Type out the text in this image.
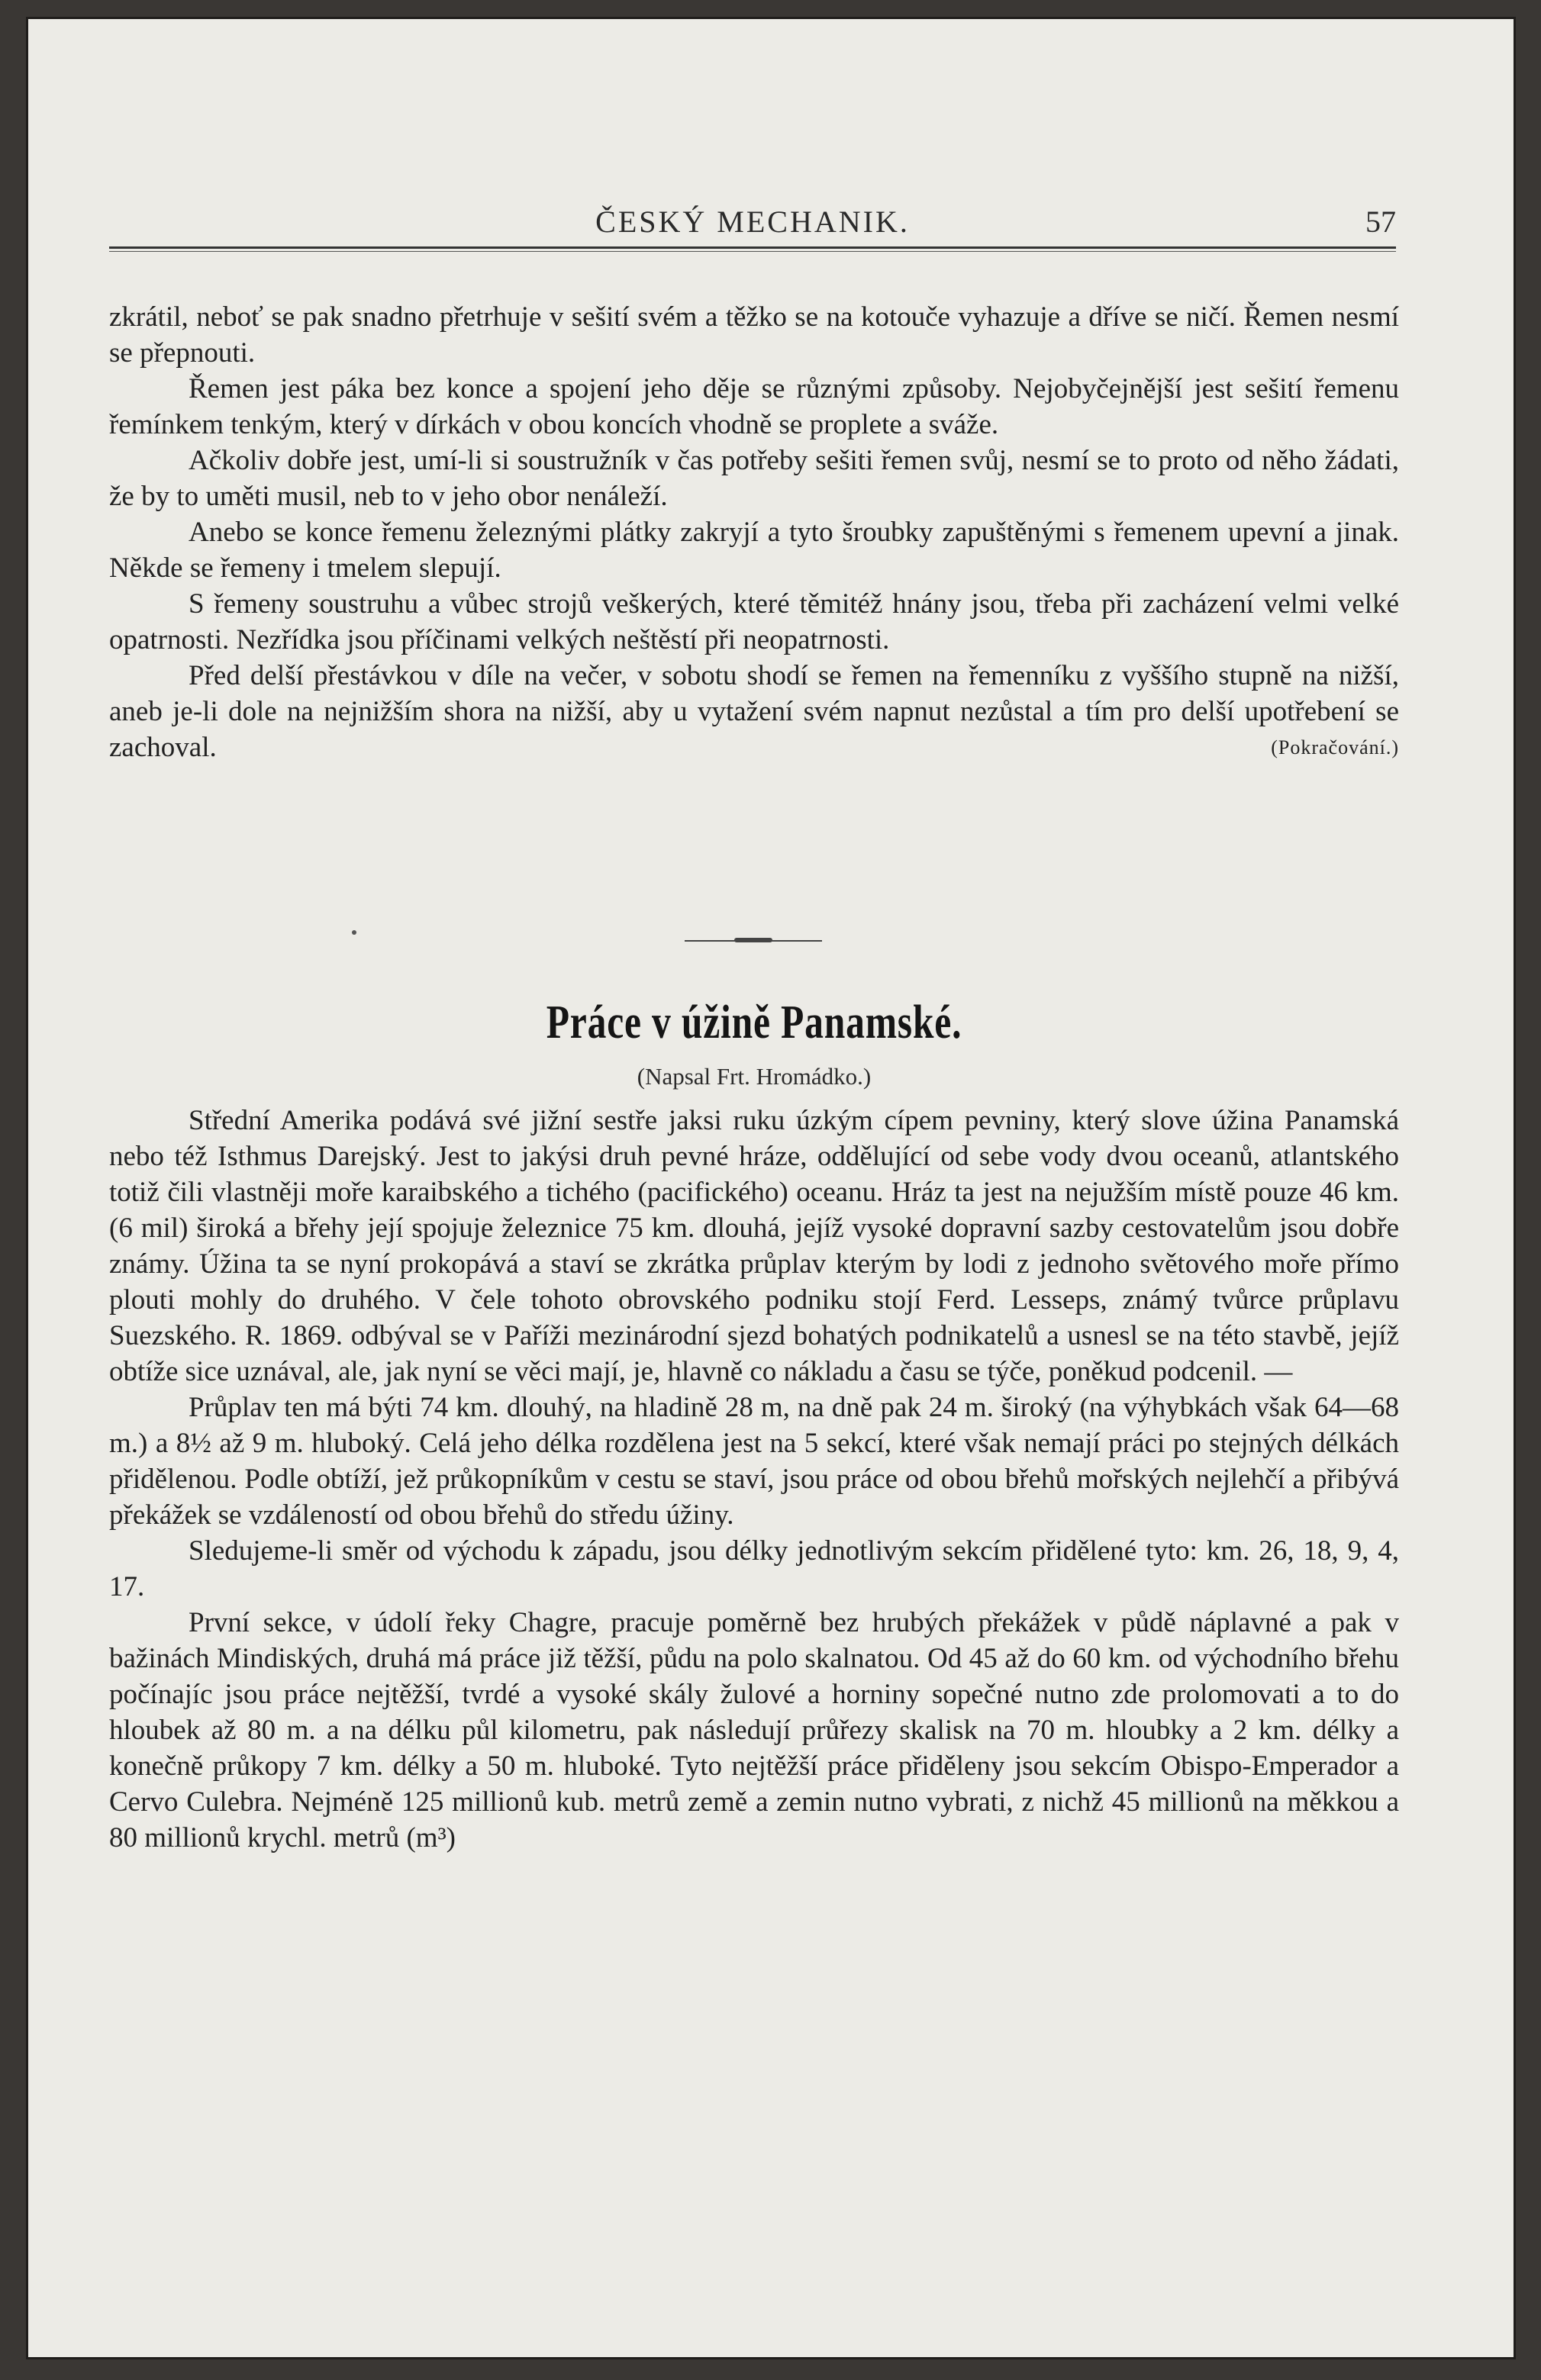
ČESKÝ MECHANIK.	57

zkrátil, neboť se pak snadno přetrhuje v sešití svém a těžko se na kotouče vyhazuje a dříve se ničí. Řemen nesmí se přepnouti.

Řemen jest páka bez konce a spojení jeho děje se různými způsoby. Nejobyčejnější jest sešití řemenu řemínkem tenkým, který v dírkách v obou koncích vhodně se proplete a sváže.

Ačkoliv dobře jest, umí-li si soustružník v čas potřeby sešiti řemen svůj, nesmí se to proto od něho žádati, že by to uměti musil, neb to v jeho obor nenáleží.

Anebo se konce řemenu železnými plátky zakryjí a tyto šroubky zapuštěnými s řemenem upevní a jinak. Někde se řemeny i tmelem slepují.

S řemeny soustruhu a vůbec strojů veškerých, které těmitéž hnány jsou, třeba při zacházení velmi velké opatrnosti. Nezřídka jsou příčinami velkých neštěstí při neopatrnosti.

Před delší přestávkou v díle na večer, v sobotu shodí se řemen na řemenníku z vyššího stupně na nižší, aneb je-li dole na nejnižším shora na nižší, aby u vytažení svém napnut nezůstal a tím pro delší upotřebení se zachoval.	(Pokračování.)

Práce v úžině Panamské.
(Napsal Frt. Hromádko.)

Střední Amerika podává své jižní sestře jaksi ruku úzkým cípem pevniny, který slove úžina Panamská nebo též Isthmus Darejský. Jest to jakýsi druh pevné hráze, oddělující od sebe vody dvou oceanů, atlantského totiž čili vlastněji moře karaibského a tichého (pacifického) oceanu. Hráz ta jest na nejužším místě pouze 46 km. (6 mil) široká a břehy její spojuje železnice 75 km. dlouhá, jejíž vysoké dopravní sazby cestovatelům jsou dobře známy. Úžina ta se nyní prokopává a staví se zkrátka průplav kterým by lodi z jednoho světového moře přímo plouti mohly do druhého. V čele tohoto obrovského podniku stojí Ferd. Lesseps, známý tvůrce průplavu Suezského. R. 1869. odbýval se v Paříži mezinárodní sjezd bohatých podnikatelů a usnesl se na této stavbě, jejíž obtíže sice uznával, ale, jak nyní se věci mají, je, hlavně co nákladu a času se týče, poněkud podcenil. —

Průplav ten má býti 74 km. dlouhý, na hladině 28 m, na dně pak 24 m. široký (na výhybkách však 64—68 m.) a 8½ až 9 m. hluboký. Celá jeho délka rozdělena jest na 5 sekcí, které však nemají práci po stejných délkách přidělenou. Podle obtíží, jež průkopníkům v cestu se staví, jsou práce od obou břehů mořských nejlehčí a přibývá překážek se vzdáleností od obou břehů do středu úžiny.

Sledujeme-li směr od východu k západu, jsou délky jednotlivým sekcím přidělené tyto: km. 26, 18, 9, 4, 17.

První sekce, v údolí řeky Chagre, pracuje poměrně bez hrubých překážek v půdě náplavné a pak v bažinách Mindiských, druhá má práce již těžší, půdu na polo skalnatou. Od 45 až do 60 km. od východního břehu počínajíc jsou práce nejtěžší, tvrdé a vysoké skály žulové a horniny sopečné nutno zde prolomovati a to do hloubek až 80 m. a na délku půl kilometru, pak následují průřezy skalisk na 70 m. hloubky a 2 km. délky a konečně průkopy 7 km. délky a 50 m. hluboké. Tyto nejtěžší práce přiděleny jsou sekcím Obispo-Emperador a Cervo Culebra. Nejméně 125 millionů kub. metrů země a zemin nutno vybrati, z nichž 45 millionů na měkkou a 80 millionů krychl. metrů (m³)
